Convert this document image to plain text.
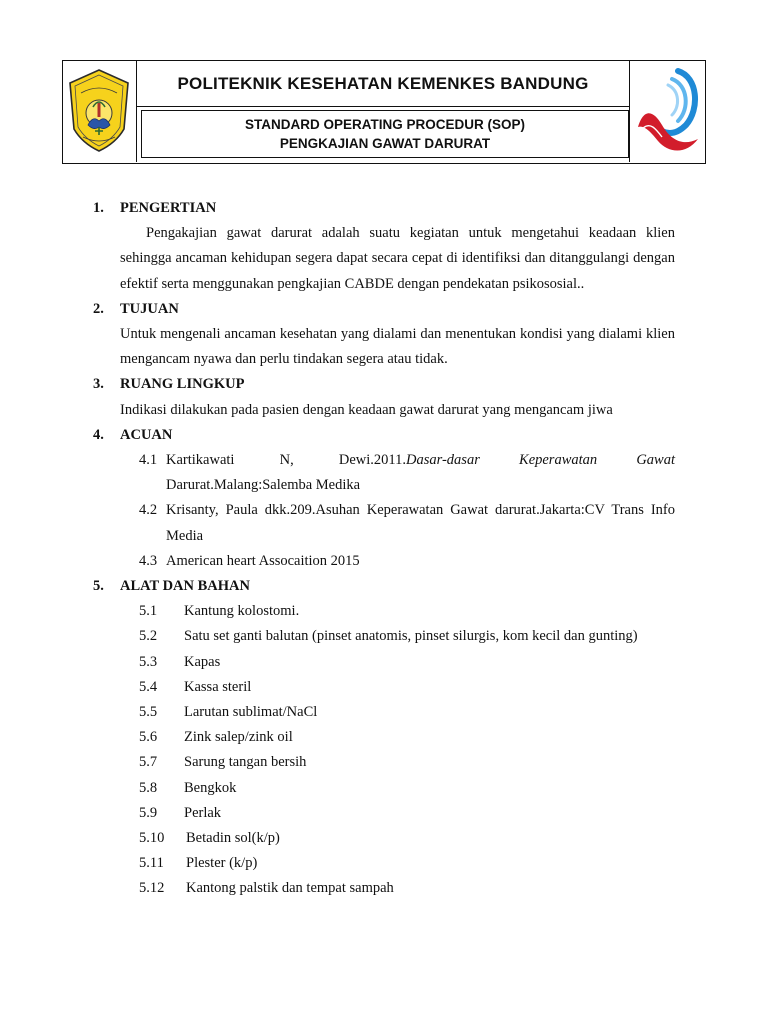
POLITEKNIK KESEHATAN KEMENKES BANDUNG
STANDARD OPERATING PROCEDUR (SOP)
PENGKAJIAN GAWAT DARURAT
1.	PENGERTIAN
Pengakajian gawat darurat adalah suatu kegiatan untuk mengetahui keadaan klien sehingga ancaman kehidupan segera dapat secara cepat di identifiksi dan ditanggulangi dengan efektif serta menggunakan pengkajian CABDE dengan pendekatan psikososial..
2.	TUJUAN
Untuk mengenali ancaman kesehatan yang dialami dan menentukan kondisi yang dialami klien mengancam nyawa dan perlu tindakan segera atau tidak.
3.	RUANG LINGKUP
Indikasi dilakukan pada pasien dengan keadaan gawat darurat yang mengancam jiwa
4.	ACUAN
4.1 Kartikawati N, Dewi.2011.Dasar-dasar Keperawatan Gawat
Darurat.Malang:Salemba Medika
4.2 Krisanty, Paula dkk.209.Asuhan Keperawatan Gawat darurat.Jakarta:CV Trans Info Media
4.3 American heart Assocaition 2015
5.	ALAT DAN BAHAN
5.1	Kantung kolostomi.
5.2	Satu set ganti balutan (pinset anatomis, pinset silurgis, kom kecil dan gunting)
5.3	Kapas
5.4	Kassa steril
5.5	Larutan sublimat/NaCl
5.6	Zink salep/zink oil
5.7	Sarung tangan bersih
5.8	Bengkok
5.9	Perlak
5.10	Betadin sol(k/p)
5.11	Plester (k/p)
5.12	Kantong palstik dan tempat sampah
